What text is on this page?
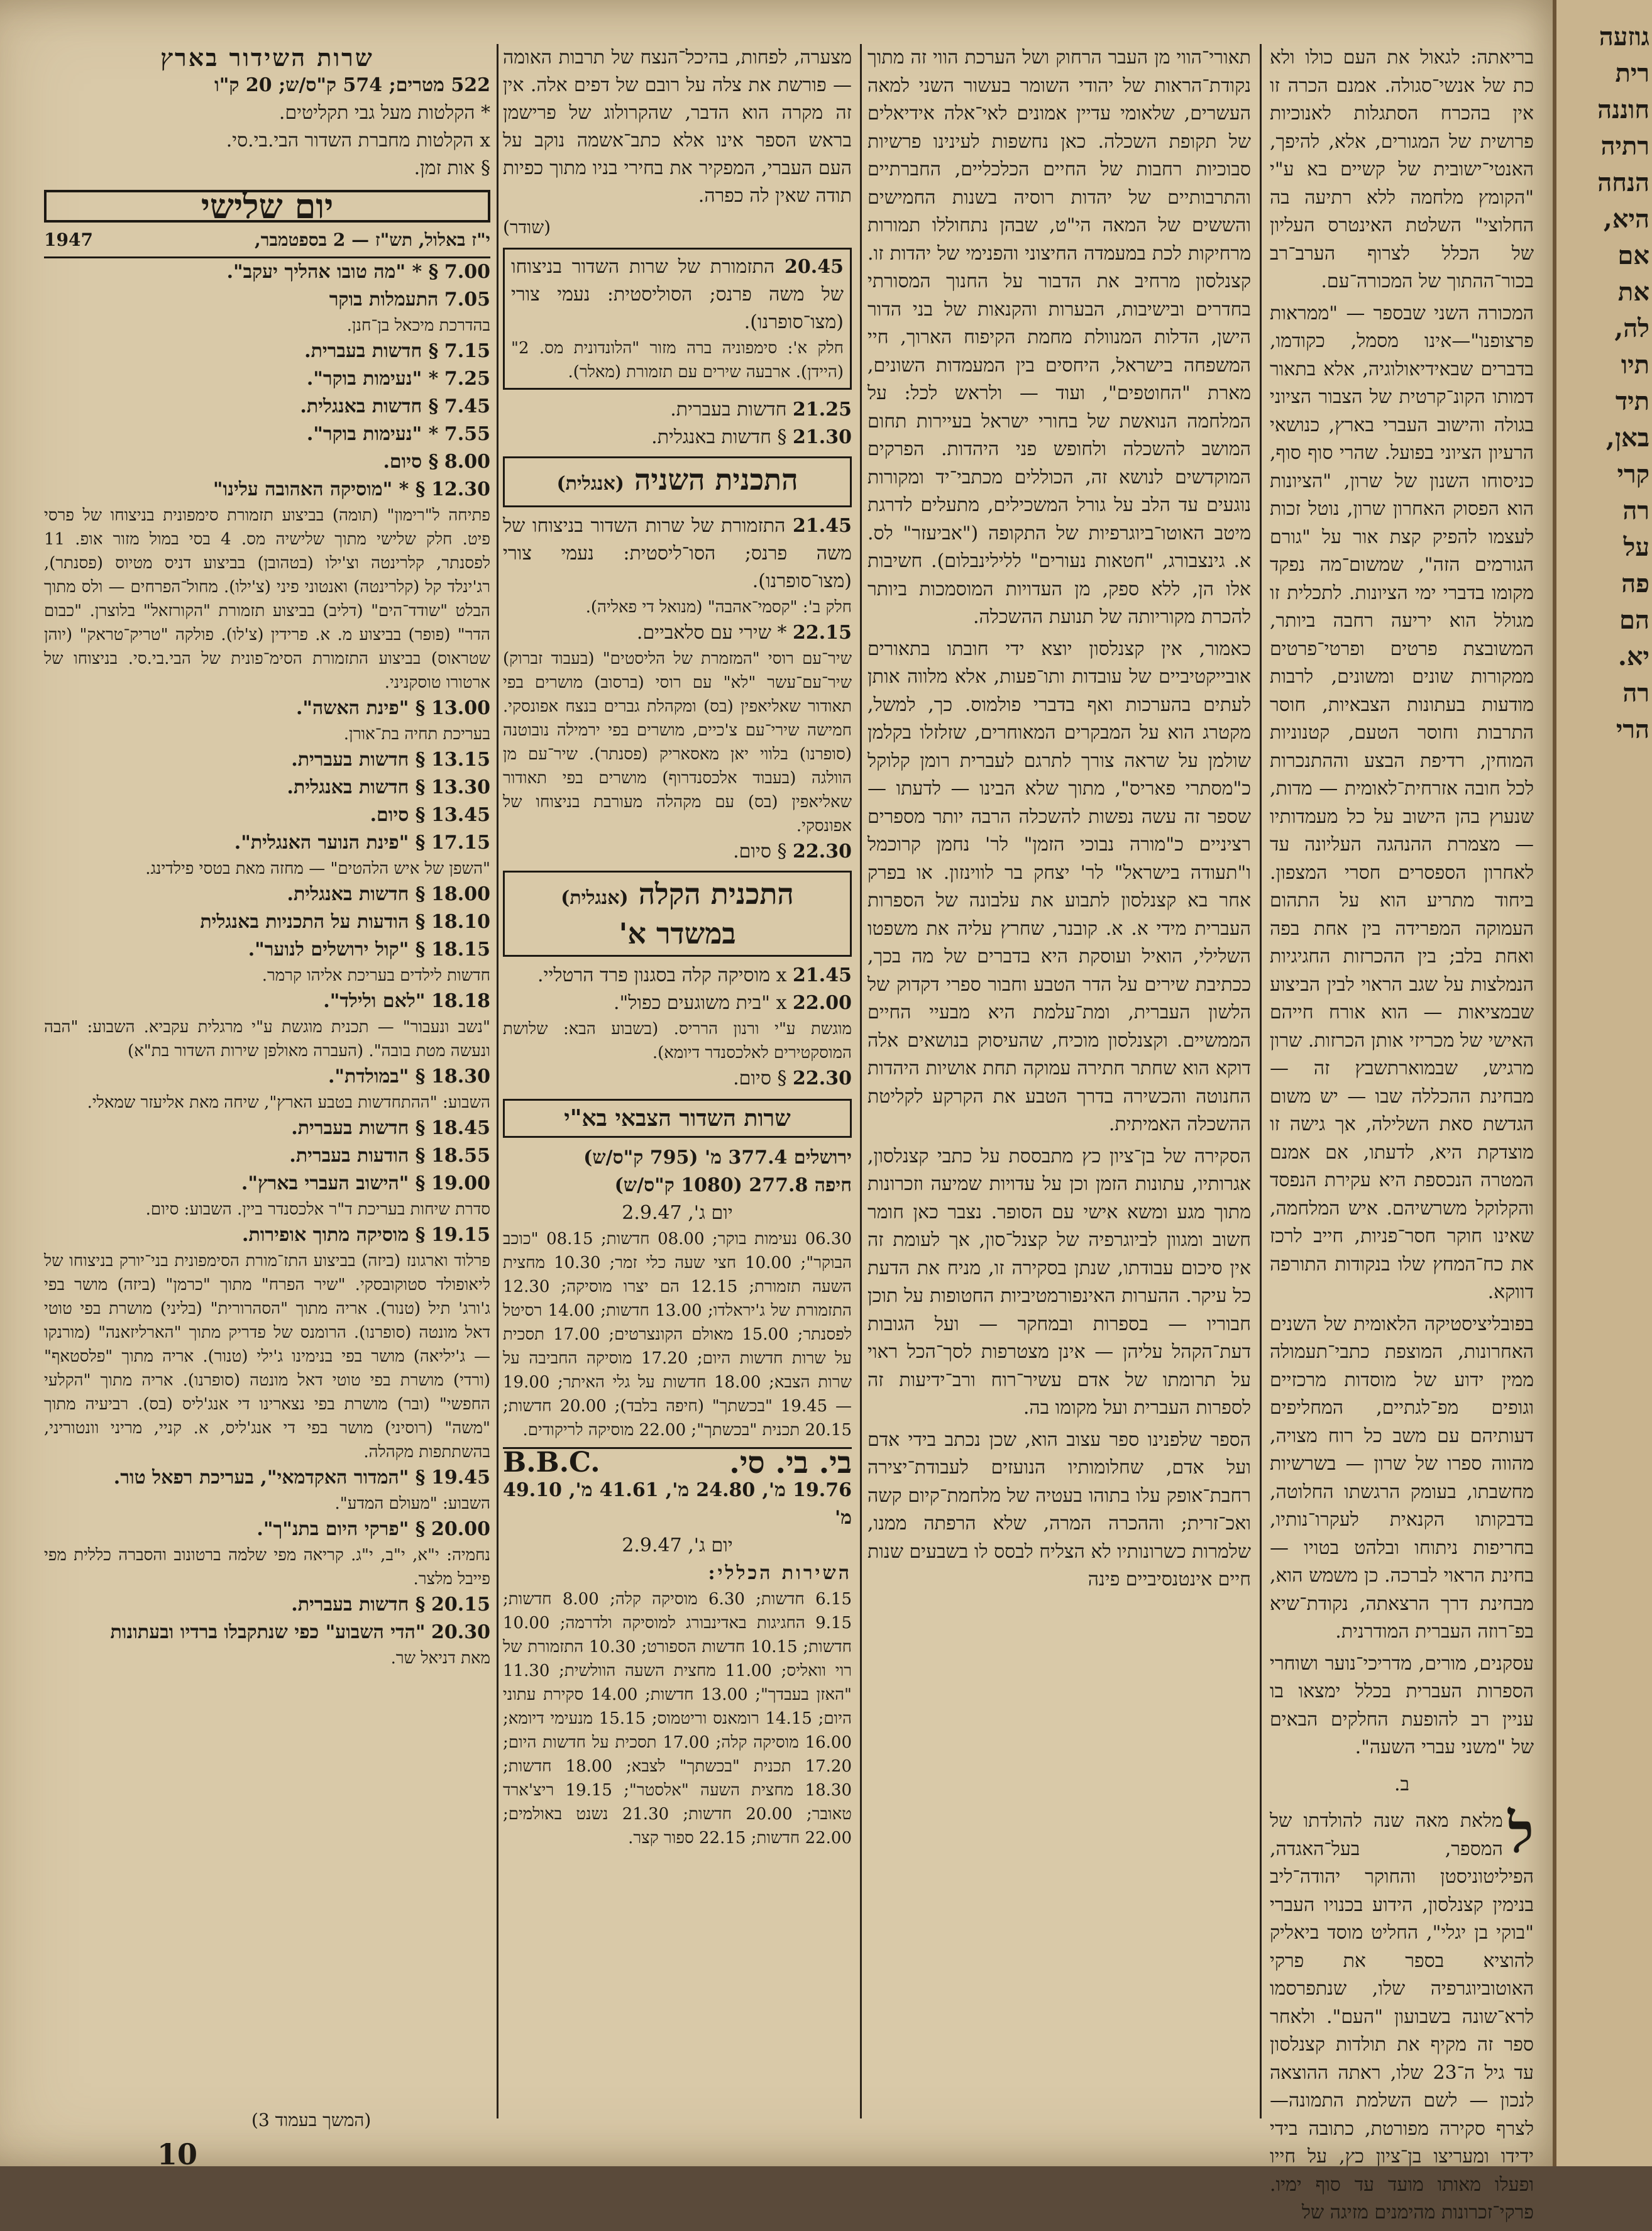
בריאתה: לגאול את העם כולו ולא כת של אנשי־סגולה. אמנם הכרה זו אין בהכרח הסתגלות לאנוכיות פרושית של המגורים, אלא, להיפך, האנטי־ישובית של קשיים בא ע"י "הקומץ מלחמה ללא רתיעה בה החלוצי" השלטת האינטרס העליון של הכלל לצרוף הערב־רב בכור־ההתוך של המכורה־עם.

המכורה השני שבספר — "ממראות פרצופנו"—אינו מסמל, כקודמו, בדברים שבאידיאולוגיה, אלא בתאור דמותו הקונ־קרטית של הצבור הציוני בגולה והישוב העברי בארץ, כנושאי הרעיון הציוני בפועל. שהרי סוף סוף, כניסוחו השנון של שרון, "הציונות הוא הפסוק האחרון שרון, נוטל זכות לעצמו להפיק קצת אור על "גורם הגורמים הזה", שמשום־מה נפקד מקומו בדברי ימי הציונות. לתכלית זו מגולל הוא יריעה רחבה ביותר, המשובצת פרטים ופרטי־פרטים ממקורות שונים ומשונים, לרבות מודעות בעתונות הצבאיות, חוסר התרבות וחוסר הטעם, קטנוניות המוחין, רדיפת הבצע וההתנכרות לכל חובה אזרחית־לאומית — מדות, שנעוץ בהן הישוב על כל מעמדותיו — מצמרת ההנהגה העליונה עד לאחרון הספסרים חסרי המצפון. ביחוד מתריע הוא על התהום העמוקה המפרידה בין אחת בפה ואחת בלב; בין ההכרזות החגיגיות הנמלצות על שגב הראוי לבין הביצוע שבמציאות — הוא אורח חייהם האישי של מכריזי אותן הכרזות. שרון מרגיש, שבמוארתשבץ זה — מבחינת ההכללה שבו — יש משום הגדשת סאת השלילה, אך גישה זו מוצדקת היא, לדעתו, אם אמנם המטרה הנכספת היא עקירת הנפסד והקלוקל משרשיהם. איש המלחמה, שאינו חוקר חסר־פניות, חייב לרכז את כח־המחץ שלו בנקודות התורפה דווקא.

בפובליציסטיקה הלאומית של השנים האחרונות, המוצפת כתבי־תעמולה ממין ידוע של מוסדות מרכזיים וגופים מפ־לגתיים, המחליפים דעותיהם עם משב כל רוח מצויה, מהווה ספרו של שרון — בשרשיות מחשבתו, בעומק הרגשתו החלוטה, בדבקותו הקנאית לעקרו־נותיו, בחריפות ניתוחו ובלהט בטויו — בחינת הראוי לברכה. כן משמש הוא, מבחינת דרך הרצאתה, נקודת־שיא בפ־רוזה העברית המודרנית.

עסקנים, מורים, מדריכי־נוער ושוחרי הספרות העברית בכלל ימצאו בו עניין רב להופעת החלקים הבאים של "משני עברי השעה".

ב.

ל
מלאת מאה שנה להולדתו של המספר, בעל־האגדה, הפיליטוניסטן והחוקר יהודה־ליב בנימין קצנלסון, הידוע בכנויו העברי "בוקי בן יגלי", החליט מוסד ביאליק להוציא בספר את פרקי האוטוביוגרפיה שלו, שנתפרסמו לרא־שונה בשבועון "העם". ולאחר ספר זה מקיף את תולדות קצנלסון עד גיל ה־23 שלו, ראתה ההוצאה לנכון — לשם השלמת התמונה—לצרף סקירה מפורטת, כתובה בידי ידידו ומעריצו בן־ציון כץ, על חייו ופעלו מאותו מועד עד סוף ימיו. פרקי־זכרונות מהימנים מזיגה של

תאורי־הווי מן העבר הרחוק ושל הערכת הווי זה מתוך נקודת־הראות של יהודי השומר בעשור השני למאה העשרים, שלאומי עדיין אמונים לאי־אלה אידיאלים של תקופת השכלה. כאן נחשפות לעינינו פרשיות סבוכיות רחבות של החיים הכלכליים, החברתיים והתרבותיים של יהדות רוסיה בשנות החמישים והששים של המאה הי"ט, שבהן נתחוללו תמורות מרחיקות לכת במעמדה החיצוני והפנימי של יהדות זו. קצנלסון מרחיב את הדבור על החנוך המסורתי בחדרים ובישיבות, הבערות והקנאות של בני הדור הישן, הדלות המנוולת מחמת הקיפוח הארוך, חיי המשפחה בישראל, היחסים בין המעמדות השונים, מארת "החוטפים", ועוד — ולראש לכל: על המלחמה הנואשת של בחורי ישראל בעיירות תחום המושב להשכלה ולחופש פני היהדות. הפרקים המוקדשים לנושא זה, הכוללים מכתבי־יד ומקורות נוגעים עד הלב על גורל המשכילים, מתעלים לדרגת מיטב האוטו־ביוגרפיות של התקופה ("אביעזר" לס. א. גינצבורג, "חטאות נעורים" ללילינבלום). חשיבות אלו הן, ללא ספק, מן העדויות המוסמכות ביותר להכרת מקוריותה של תנועת ההשכלה.

כאמור, אין קצנלסון יוצא ידי חובתו בתאורים אובייקטיביים של עובדות ותו־פעות, אלא מלווה אותן לעתים בהערכות ואף בדברי פולמוס. כך, למשל, מקטרג הוא על המבקרים המאוחרים, שזלזלו בקלמן שולמן על שראה צורך לתרגם לעברית רומן קלוקל כ"מסתרי פאריס", מתוך שלא הבינו — לדעתו — שספר זה עשה נפשות להשכלה הרבה יותר מספרים רציניים כ"מורה נבוכי הזמן" לר' נחמן קרוכמל ו"תעודה בישראל" לר' יצחק בר לווינזון. או בפרק אחר בא קצנלסון לתבוע את עלבונה של הספרות העברית מידי א. א. קובנר, שחרץ עליה את משפטו השלילי, הואיל ועוסקת היא בדברים של מה בכך, ככתיבת שירים על הדר הטבע וחבור ספרי דקדוק של הלשון העברית, ומת־עלמת היא מבעיי החיים הממשיים. וקצנלסון מוכיח, שהעיסוק בנושאים אלה דוקא הוא שחתר חתירה עמוקה תחת אושיות היהדות החנוטה והכשירה בדרך הטבע את הקרקע לקליטת ההשכלה האמיתית.

הסקירה של בן־ציון כץ מתבססת על כתבי קצנלסון, אגרותיו, עתונות הזמן וכן על עדויות שמיעה וזכרונות מתוך מגע ומשא אישי עם הסופר. נצבר כאן חומר חשוב ומגוון לביוגרפיה של קצנל־סון, אך לעומת זה אין סיכום עבודתו, שנתן בסקירה זו, מניח את הדעת כל עיקר. ההערות האינפורמטיביות החטופות על תוכן חבוריו — בספרות ובמחקר — ועל הגובות דעת־הקהל עליהן — אינן מצטרפות לסך־הכל ראוי על תרומתו של אדם עשיר־רוח ורב־ידיעות זה לספרות העברית ועל מקומו בה.

הספר שלפנינו ספר עצוב הוא, שכן נכתב בידי אדם ועל אדם, שחלומותיו הנועזים לעבודת־יצירה רחבת־אופק עלו בתוהו בעטיה של מלחמת־קיום קשה ואכ־זרית; וההכרה המרה, שלא הרפתה ממנו, שלמרות כשרונותיו לא הצליח לבסס לו בשבעים שנות חיים אינטנסיביים פינה

מצערה, לפחות, בהיכל־הנצח של תרבות האומה — פורשת את צלה על רובם של דפים אלה. אין זה מקרה הוא הדבר, שהקרולוג של פרישמן בראש הספר אינו אלא כתב־אשמה נוקב על העם העברי, המפקיר את בחירי בניו מתוך כפיות תודה שאין לה כפרה.

(שודר)

20.45 התזמורת של שרות השדור בניצוחו של משה פרנס; הסוליסטית: נעמי צורי (מצו־סופרנו).

חלק א': סימפוניה ברה מזור "הלונדונית מס. 2" (היידן). ארבעה שירים עם תזמורת (מאלר).

21.25 חדשות בעברית.

21.30 § חדשות באנגלית.

התכנית השניה (אנגלית)

21.45 התזמורת של שרות השדור בניצוחו של משה פרנס; הסו־ליסטית: נעמי צורי (מצו־סופרנו).

חלק ב': "קסמי־אהבה" (מנואל די פאליה).

22.15 * שירי עם סלאביים.

שיר־עם רוסי "המזמרת של הליסטים" (בעבוד זברוק) שיר־עם־עשר "לא" עם רוסי (ברסוב) מושרים בפי תאודור שאליאפין (בס) ומקהלת גברים בנצח אפונסקי. חמישה שירי־עם צ'כיים, מושרים בפי ירמילה נובוטנה (סופרנו) בלווי יאן מאסאריק (פסנתר). שיר־עם מן הוולגה (בעבוד אלכסנדרוף) מושרים בפי תאודור שאליאפין (בס) עם מקהלה מעורבת בניצוחו של אפונסקי.

22.30 § סיום.

התכנית הקלה (אנגלית)
במשדר א'

21.45 x מוסיקה קלה בסגנון פרד הרטליי.

22.00 x "בית משוגעים כפול".

מוגשת ע"י ורנון הרריס. (בשבוע הבא: שלושת המוסקטירים לאלכסנדר דיומא).

22.30 § סיום.

שרות השדור הצבאי בא"י

ירושלים 377.4 מ' (795 ק"ס/ש)

חיפה 277.8 (1080 ק"ס/ש)

יום ג', 2.9.47

06.30 נעימות בוקר; 08.00 חדשות; 08.15 "כוכב הבוקר"; 10.00 חצי שעה כלי זמר; 10.30 מחצית השעה תזמורת; 12.15 הם יצרו מוסיקה; 12.30 התזמורת של ג'יראלדו; 13.00 חדשות; 14.00 רסיטל לפסנתר; 15.00 מאולם הקונצרטים; 17.00 תסכית על שרות חדשות היום; 17.20 מוסיקה החביבה על שרות הצבא; 18.00 חדשות על גלי האיתר; 19.00 — 19.45 "בכשתך" (חיפה בלבד); 20.00 חדשות; 20.15 תכנית "בכשתך"; 22.00 מוסיקה לריקודים.

בי. בי. סי.
B.B.C.

19.76 מ', 24.80 מ', 41.61 מ', 49.10 מ'

יום ג', 2.9.47

השירות הכללי:

6.15 חדשות; 6.30 מוסיקה קלה; 8.00 חדשות; 9.15 החגיגות באדינבורג למוסיקה ולדרמה; 10.00 חדשות; 10.15 חדשות הספורט; 10.30 התזמורת של רוי וואליס; 11.00 מחצית השעה הוולשית; 11.30 "האזן בעבדך"; 13.00 חדשות; 14.00 סקירת עתוני היום; 14.15 רומאנס וריטמוס; 15.15 מנעימי דיומא; 16.00 מוסיקה קלה; 17.00 תסכית על חדשות היום; 17.20 תכנית "בכשתך" לצבא; 18.00 חדשות; 18.30 מחצית השעה "אלסטר"; 19.15 ריצ'ארד טאובר; 20.00 חדשות; 21.30 נשנט באולמים; 22.00 חדשות; 22.15 ספור קצר.

שרות השידור בארץ

522 מטרים; 574 ק"ס/ש; 20 ק"ו

* הקלטות מעל גבי תקליטים.

x הקלטות מחברת השדור הבי.בי.סי.

§ אות זמן.

יום שלישי
י"ז באלול, תש"ז — 2 בספטמבר,
1947

7.00 § * "מה טובו אהליך יעקב".

7.05 התעמלות בוקר

בהדרכת מיכאל בן־חנן.

7.15 § חדשות בעברית.

7.25 * "נעימות בוקר".

7.45 § חדשות באנגלית.

7.55 * "נעימות בוקר".

8.00 § סיום.

12.30 § * "מוסיקה האהובה עלינו"

פתיחה ל"רימון" (תומה) בביצוע תזמורת סימפונית בניצוחו של פרסי פיט. חלק שלישי מתוך שלישיה מס. 4 בסי במול מזור אופ. 11 לפסנתר, קלרינטה וצ'ילו (בטהובן) בביצוע דניס מטיוס (פסנתר), רג'ינלד קל (קלרינטה) ואנטוני פיני (צ'ילו). מחול־הפרחים — ולס מתוך הבלט "שודד־הים" (דליב) בביצוע תזמורת "הקורזאל" בלוצרן. "כבום הדר" (פופר) בביצוע מ. א. פרידין (צ'לו). פולקה "טריק־טראק" (יוהן שטראוס) בביצוע התזמורת הסימ־פונית של הבי.בי.סי. בניצוחו של ארטורו טוסקניני.

13.00 § "פינת האשה".

בעריכת תחיה בת־אורן.

13.15 § חדשות בעברית.

13.30 § חדשות באנגלית.

13.45 § סיום.

17.15 § "פינת הנוער האנגלית".

"השפן של איש הלהטים" — מחזה מאת בטסי פילדינג.

18.00 § חדשות באנגלית.

18.10 § הודעות על התכניות באנגלית

18.15 § "קול ירושלים לנוער".

חדשות לילדים בעריכת אליהו קרמר.

18.18 "לאם ולילד".

"נשב ונעבור" — תכנית מוגשת ע"י מרגלית עקביא. השבוע: "הבה ונעשה מטת בובה". (העברה מאולפן שירות השדור בת"א)

18.30 § "במולדת".

השבוע: "ההתחדשות בטבע הארץ", שיחה מאת אליעזר שמאלי.

18.45 § חדשות בעברית.

18.55 § הודעות בעברית.

19.00 § "הישוב העברי בארץ".

סדרת שיחות בעריכת ד"ר אלכסנדר ביין. השבוע: סיום.

19.15 § מוסיקה מתוך אופירות.

פרלוד וארגונז (ביזה) בביצוע התז־מורת הסימפונית בני־יורק בניצוחו של ליאופולד סטוקובסקי. "שיר הפרח" מתוך "כרמן" (ביזה) מושר בפי ג'ורג' תיל (טנור). אריה מתוך "הסהרורית" (בליני) מושרת בפי טוטי דאל מונטה (סופרנו). הרומנס של פדריק מתוך "הארליזאנה" (מורנקו — ג'יליאה) מושר בפי בנימינו ג'ילי (טנור). אריה מתוך "פלסטאף" (ורדי) מושרת בפי טוטי דאל מונטה (סופרנו). אריה מתוך "הקלעי החפשי" (ובר) מושרת בפי נצארינו די אנג'ליס (בס). רביעיה מתוך "משה" (רוסיני) מושר בפי די אנג'ליס, א. קניי, מריני וונטוריני, בהשתתפות מקהלה.

19.45 § "המדור האקדמאי", בעריכת רפאל טור.

השבוע: "מעולם המדע".

20.00 § "פרקי היום בתנ"ך".

נחמיה: י"א, י"ב, י"ג. קריאה מפי שלמה ברטונוב והסברה כללית מפי פייבל מלצר.

20.15 § חדשות בעברית.

20.30 "הדי השבוע" כפי שנתקבלו ברדיו ובעתונות

מאת דניאל שר.

(המשך בעמוד 3)
10
גוזעה
רית
חוננה
רתיה
הנחה
היא,
אם
את
לה,
תיו
תיד
באן,
קרי
רה
על
פה
הם
יא.
רה
הרי
